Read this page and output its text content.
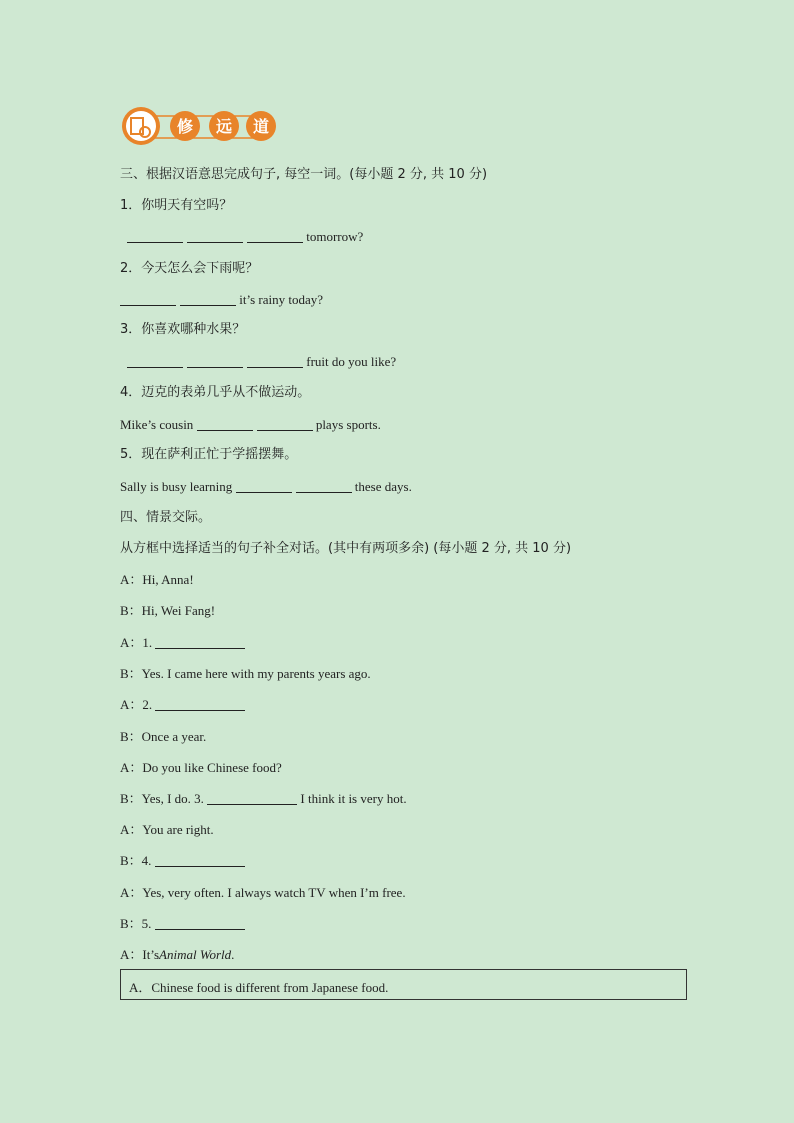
修 远 道
三、根据汉语意思完成句子, 每空一词。(每小题 2 分, 共 10 分)
1．你明天有空吗？
tomorrow?
2．今天怎么会下雨呢？
it’s rainy today?
3．你喜欢哪种水果？
fruit do you like?
4．迈克的表弟几乎从不做运动。
Mike’s cousin	plays sports.
5．现在萨利正忙于学摇摆舞。
Sally is busy learning	these days.
四、情景交际。
从方框中选择适当的句子补全对话。(其中有两项多余) (每小题 2 分, 共 10 分)
A：Hi, Anna!
B：Hi, Wei Fang!
A：1.
B：Yes. I came here with my parents years ago.
A：2.
B：Once a year.
A：Do you like Chinese food?
B：Yes, I do. 3.	I think it is very hot.
A：You are right.
B：4.
A：Yes, very often. I always watch TV when I’m free.
B：5.
A：It’sAnimal World.
A．Chinese food is different from Japanese food.
